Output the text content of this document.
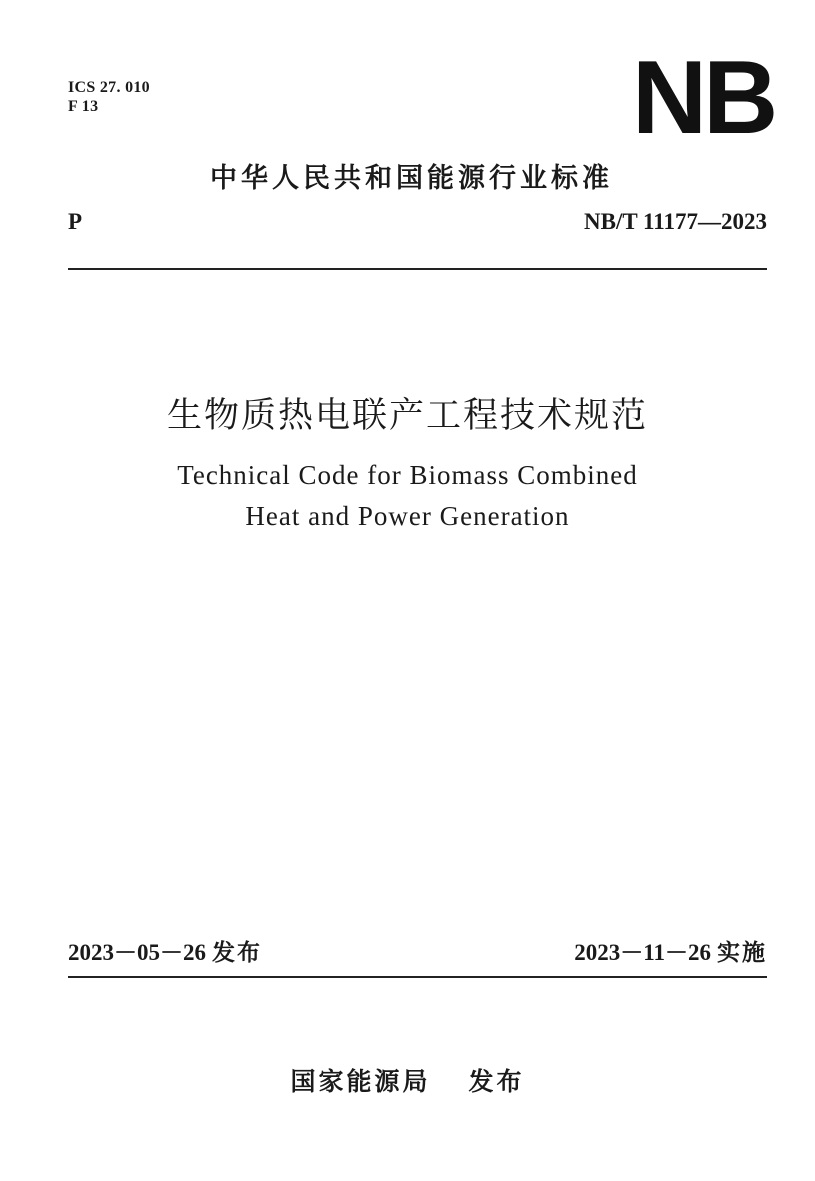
ICS 27. 010
F 13	NB
中华人民共和国能源行业标准
P	NB/T 11177—2023
生物质热电联产工程技术规范
Technical Code for Biomass Combined
Heat and Power Generation
2023－05－26 发布	2023－11－26 实施
国家能源局 发布
